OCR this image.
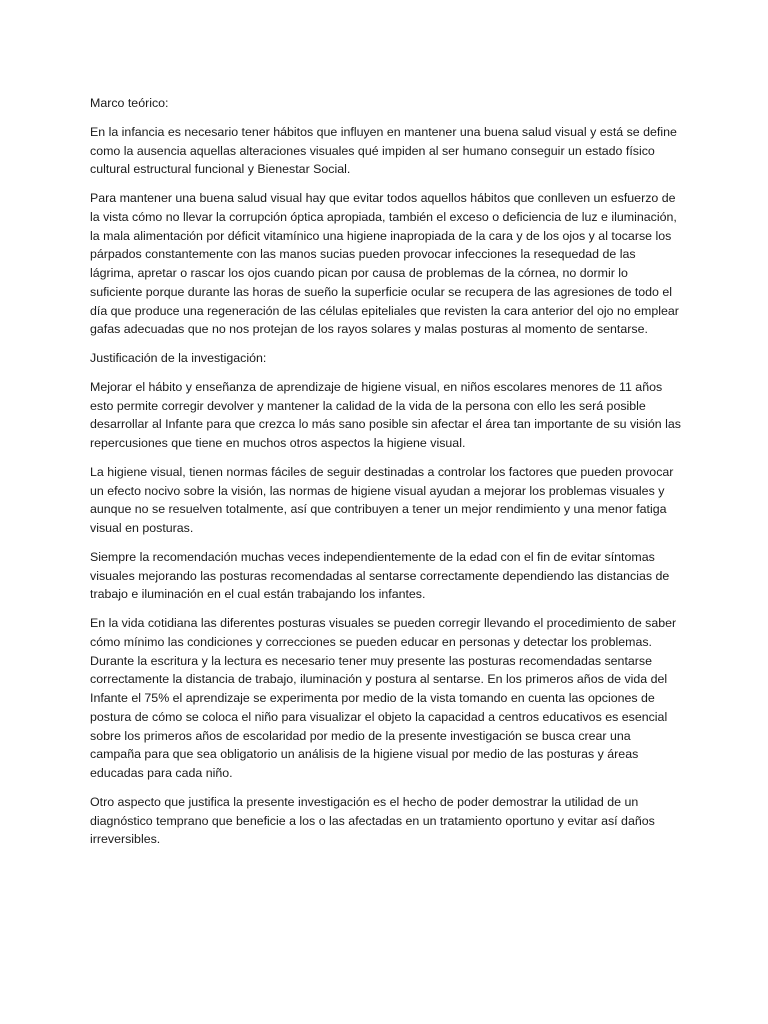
Marco teórico:

En la infancia es necesario tener hábitos que influyen en mantener una buena salud visual y está se define como la ausencia aquellas alteraciones visuales qué impiden al ser humano conseguir un estado físico cultural estructural funcional y Bienestar Social.

Para mantener una buena salud visual hay que evitar todos aquellos hábitos que conlleven un esfuerzo de la vista cómo no llevar la corrupción óptica apropiada, también el exceso o deficiencia de luz e iluminación, la mala alimentación por déficit vitamínico una higiene inapropiada de la cara y de los ojos y al tocarse los párpados constantemente con las manos sucias pueden provocar infecciones la resequedad de las lágrima, apretar o rascar los ojos cuando pican por causa de problemas de la córnea, no dormir lo suficiente porque durante las horas de sueño la superficie ocular se recupera de las agresiones de todo el día que produce una regeneración de las células epiteliales que revisten la cara anterior del ojo no emplear gafas adecuadas que no nos protejan de los rayos solares y malas posturas al momento de sentarse.

Justificación de la investigación:

Mejorar el hábito y enseñanza de aprendizaje de higiene visual, en niños escolares menores de 11 años esto permite corregir devolver y mantener la calidad de la vida de la persona con ello les será posible desarrollar al Infante para que crezca lo más sano posible sin afectar el área tan importante de su visión las repercusiones que tiene en muchos otros aspectos la higiene visual.

La higiene visual, tienen normas fáciles de seguir destinadas a controlar los factores que pueden provocar un efecto nocivo sobre la visión, las normas de higiene visual ayudan a mejorar los problemas visuales y aunque no se resuelven totalmente, así que contribuyen a tener un mejor rendimiento y una menor fatiga visual en posturas.

Siempre la recomendación muchas veces independientemente de la edad con el fin de evitar síntomas visuales mejorando las posturas recomendadas al sentarse correctamente dependiendo las distancias de trabajo e iluminación en el cual están trabajando los infantes.

En la vida cotidiana las diferentes posturas visuales se pueden corregir llevando el procedimiento de saber cómo mínimo las condiciones y correcciones se pueden educar en personas y detectar los problemas. Durante la escritura y la lectura es necesario tener muy presente las posturas recomendadas sentarse correctamente la distancia de trabajo, iluminación y postura al sentarse. En los primeros años de vida del Infante el 75% el aprendizaje se experimenta por medio de la vista tomando en cuenta las opciones de postura de cómo se coloca el niño para visualizar el objeto la capacidad a centros educativos es esencial sobre los primeros años de escolaridad por medio de la presente investigación se busca crear una campaña para que sea obligatorio un análisis de la higiene visual por medio de las posturas y áreas educadas para cada niño.

Otro aspecto que justifica la presente investigación es el hecho de poder demostrar la utilidad de un diagnóstico temprano que beneficie a los o las afectadas en un tratamiento oportuno y evitar así daños irreversibles.
